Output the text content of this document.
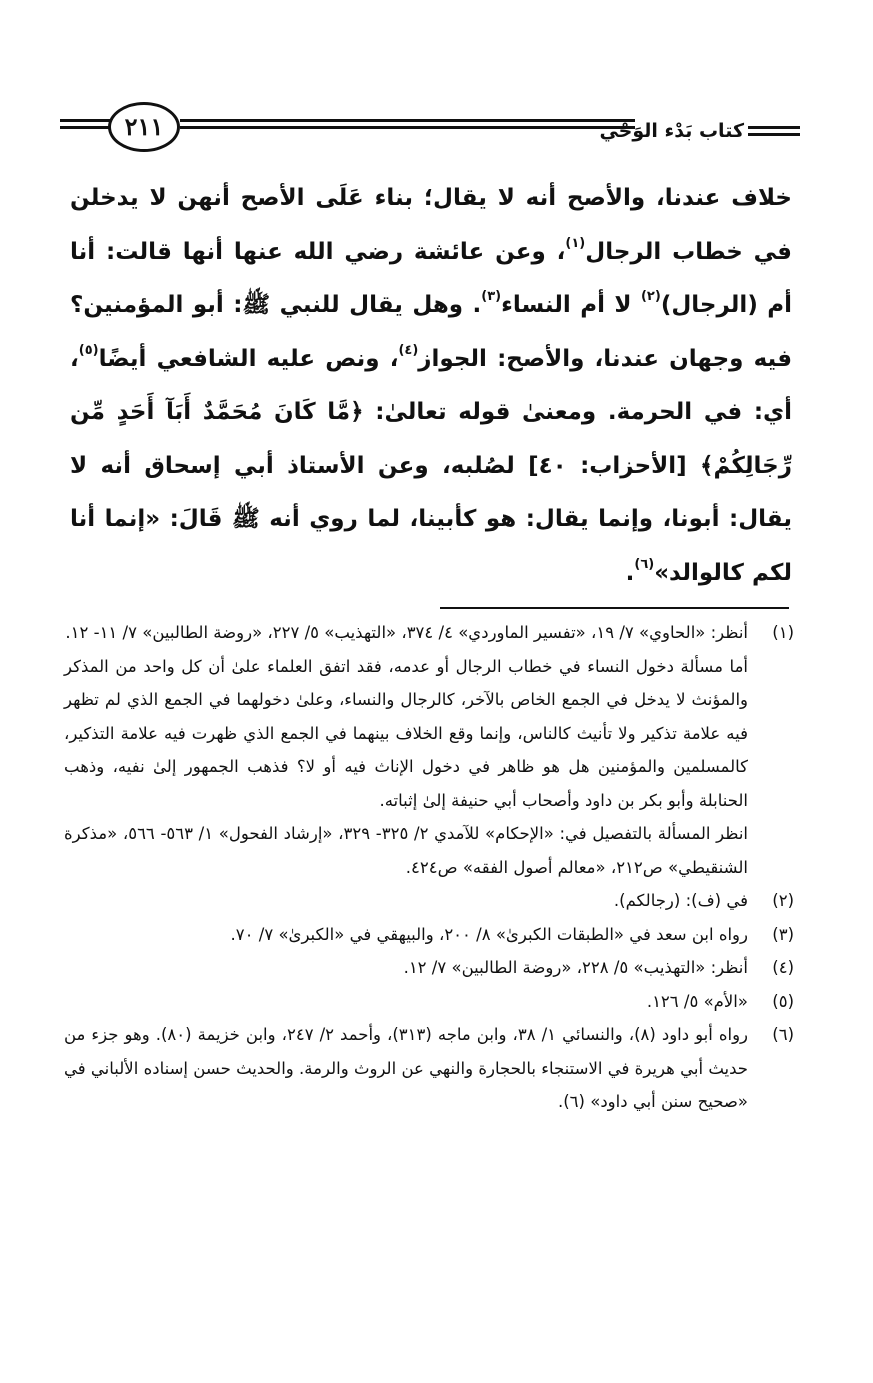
٢١١	كتاب بَدْء الوَحْي

خلاف عندنا، والأصح أنه لا يقال؛ بناء عَلَى الأصح أنهن لا يدخلن في خطاب الرجال$^{(١)}$، وعن عائشة رضي الله عنها أنها قالت: أنا أم (الرجال)$^{(٢)}$ لا أم النساء$^{(٣)}$. وهل يقال للنبي ﷺ: أبو المؤمنين؟ فيه وجهان عندنا، والأصح: الجواز$^{(٤)}$، ونص عليه الشافعي أيضًا$^{(٥)}$، أي: في الحرمة. ومعنىٰ قوله تعالىٰ: ﴿مَّا كَانَ مُحَمَّدٌ أَبَآ أَحَدٍ مِّن رِّجَالِكُمْ﴾ [الأحزاب: ٤٠] لصُلبه، وعن الأستاذ أبي إسحاق أنه لا يقال: أبونا، وإنما يقال: هو كأبينا، لما روي أنه ﷺ قَالَ: «إنما أنا لكم كالوالد»$^{(٦)}$.

(١)

أنظر: «الحاوي» ٧/ ١٩، «تفسير الماوردي» ٤/ ٣٧٤، «التهذيب» ٥/ ٢٢٧، «روضة الطالبين» ٧/ ١١- ١٢.

أما مسألة دخول النساء في خطاب الرجال أو عدمه، فقد اتفق العلماء علىٰ أن كل واحد من المذكر والمؤنث لا يدخل في الجمع الخاص بالآخر، كالرجال والنساء، وعلىٰ دخولهما في الجمع الذي لم تظهر فيه علامة تذكير ولا تأنيث كالناس، وإنما وقع الخلاف بينهما في الجمع الذي ظهرت فيه علامة التذكير، كالمسلمين والمؤمنين هل هو ظاهر في دخول الإناث فيه أو لا؟ فذهب الجمهور إلىٰ نفيه، وذهب الحنابلة وأبو بكر بن داود وأصحاب أبي حنيفة إلىٰ إثباته.

انظر المسألة بالتفصيل في: «الإحكام» للآمدي ٢/ ٣٢٥- ٣٢٩، «إرشاد الفحول» ١/ ٥٦٣- ٥٦٦، «مذكرة الشنقيطي» ص٢١٢، «معالم أصول الفقه» ص٤٢٤.

(٢)

في (ف): (رجالكم).

(٣)

رواه ابن سعد في «الطبقات الكبرىٰ» ٨/ ٢٠٠، والبيهقي في «الكبرىٰ» ٧/ ٧٠.

(٤)

أنظر: «التهذيب» ٥/ ٢٢٨، «روضة الطالبين» ٧/ ١٢.

(٥)

«الأم» ٥/ ١٢٦.

(٦)

رواه أبو داود (٨)، والنسائي ١/ ٣٨، وابن ماجه (٣١٣)، وأحمد ٢/ ٢٤٧، وابن خزيمة (٨٠). وهو جزء من حديث أبي هريرة في الاستنجاء بالحجارة والنهي عن الروث والرمة. والحديث حسن إسناده الألباني في «صحيح سنن أبي داود» (٦).
